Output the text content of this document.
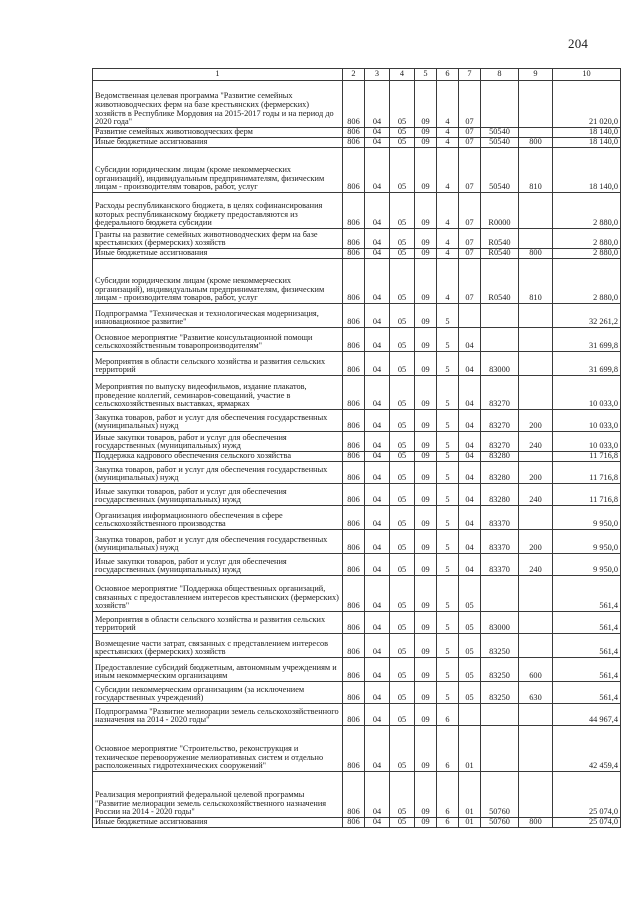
204
1	2	3	4	5	6	7	8	9	10
Ведомственная целевая программа "Развитие семейных животноводческих ферм на базе крестьянских (фермерских) хозяйств в Республике Мордовия на 2015-2017 годы и на период до 2020 года"	806	04	05	09	4	07			21 020,0
Развитие семейных животноводческих ферм	806	04	05	09	4	07	50540		18 140,0
Иные бюджетные ассигнования	806	04	05	09	4	07	50540	800	18 140,0
Субсидии юридическим лицам (кроме некоммерческих организаций), индивидуальным предпринимателям, физическим лицам - производителям товаров, работ, услуг	806	04	05	09	4	07	50540	810	18 140,0
Расходы республиканского бюджета, в целях софинансирования которых республиканскому бюджету предоставляются из федерального бюджета субсидии	806	04	05	09	4	07	R0000		2 880,0
Гранты на развитие семейных животноводческих ферм на базе крестьянских (фермерских) хозяйств	806	04	05	09	4	07	R0540		2 880,0
Иные бюджетные ассигнования	806	04	05	09	4	07	R0540	800	2 880,0
Субсидии юридическим лицам (кроме некоммерческих организаций), индивидуальным предпринимателям, физическим лицам - производителям товаров, работ, услуг	806	04	05	09	4	07	R0540	810	2 880,0
Подпрограмма "Техническая и технологическая модернизация, инновационное развитие"	806	04	05	09	5				32 261,2
Основное мероприятие "Развитие консультационной помощи сельскохозяйственным товаропроизводителям"	806	04	05	09	5	04			31 699,8
Мероприятия в области сельского хозяйства и развития сельских территорий	806	04	05	09	5	04	83000		31 699,8
Мероприятия по выпуску видеофильмов, издание плакатов, проведение коллегий, семинаров-совещаний, участие в сельскохозяйственных выставках, ярмарках	806	04	05	09	5	04	83270		10 033,0
Закупка товаров, работ и услуг для обеспечения государственных (муниципальных) нужд	806	04	05	09	5	04	83270	200	10 033,0
Иные закупки товаров, работ и услуг для обеспечения государственных (муниципальных) нужд	806	04	05	09	5	04	83270	240	10 033,0
Поддержка кадрового обеспечения сельского хозяйства	806	04	05	09	5	04	83280		11 716,8
Закупка товаров, работ и услуг для обеспечения государственных (муниципальных) нужд	806	04	05	09	5	04	83280	200	11 716,8
Иные закупки товаров, работ и услуг для обеспечения государственных (муниципальных) нужд	806	04	05	09	5	04	83280	240	11 716,8
Организация информационного обеспечения в сфере сельскохозяйственного производства	806	04	05	09	5	04	83370		9 950,0
Закупка товаров, работ и услуг для обеспечения государственных (муниципальных) нужд	806	04	05	09	5	04	83370	200	9 950,0
Иные закупки товаров, работ и услуг для обеспечения государственных (муниципальных) нужд	806	04	05	09	5	04	83370	240	9 950,0
Основное мероприятие "Поддержка общественных организаций, связанных с предоставлением интересов крестьянских (фермерских) хозяйств"	806	04	05	09	5	05			561,4
Мероприятия в области сельского хозяйства и развития сельских территорий	806	04	05	09	5	05	83000		561,4
Возмещение части затрат, связанных с представлением интересов крестьянских (фермерских) хозяйств	806	04	05	09	5	05	83250		561,4
Предоставление субсидий бюджетным, автономным учреждениям и иным некоммерческим организациям	806	04	05	09	5	05	83250	600	561,4
Субсидии некоммерческим организациям (за исключением государственных учреждений)	806	04	05	09	5	05	83250	630	561,4
Подпрограмма "Развитие мелиорации земель сельскохозяйственного назначения на 2014 - 2020 годы"	806	04	05	09	6				44 967,4
Основное мероприятие "Строительство, реконструкция и техническое перевооружение мелиоративных систем и отдельно расположенных гидротехнических сооружений"	806	04	05	09	6	01			42 459,4
Реализация мероприятий федеральной целевой программы "Развитие мелиорации земель сельскохозяйственного назначения России на 2014 - 2020 годы"	806	04	05	09	6	01	50760		25 074,0
Иные бюджетные ассигнования	806	04	05	09	6	01	50760	800	25 074,0
